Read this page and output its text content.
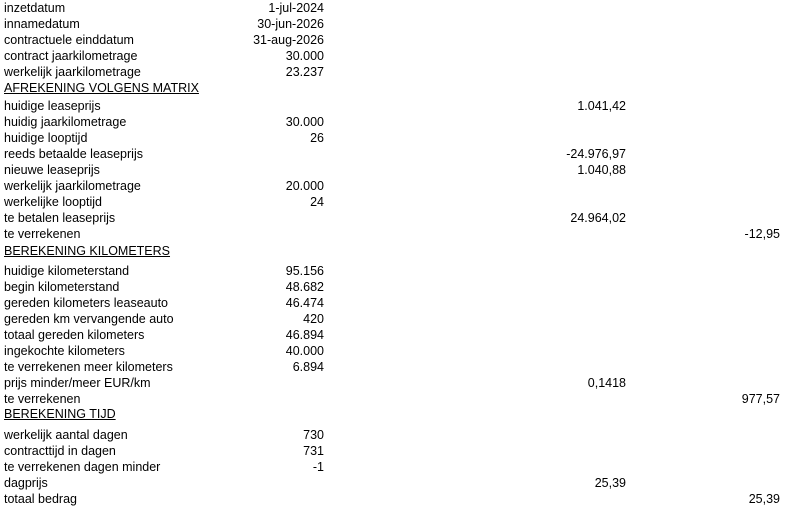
inzetdatum	1-jul-2024
innamedatum	30-jun-2026
contractuele einddatum	31-aug-2026
contract jaarkilometrage	30.000
werkelijk jaarkilometrage	23.237
AFREKENING VOLGENS MATRIX
huidige leaseprijs	1.041,42
huidig jaarkilometrage	30.000
huidige looptijd	26
reeds betaalde leaseprijs	-24.976,97
nieuwe leaseprijs	1.040,88
werkelijk jaarkilometrage	20.000
werkelijke looptijd	24
te betalen leaseprijs	24.964,02
te verrekenen	-12,95
BEREKENING KILOMETERS
huidige kilometerstand	95.156
begin kilometerstand	48.682
gereden kilometers leaseauto	46.474
gereden km vervangende auto	420
totaal gereden kilometers	46.894
ingekochte kilometers	40.000
te verrekenen meer kilometers	6.894
prijs minder/meer EUR/km	0,1418
te verrekenen	977,57
BEREKENING TIJD
werkelijk aantal dagen	730
contracttijd in dagen	731
te verrekenen dagen minder	-1
dagprijs	25,39
totaal bedrag	25,39
